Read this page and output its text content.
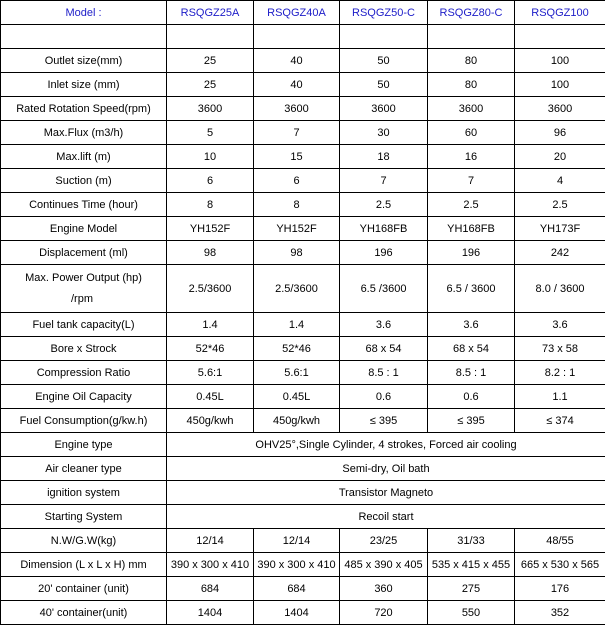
Model :	RSQGZ25A	RSQGZ40A	RSQGZ50-C	RSQGZ80-C	RSQGZ100

Outlet size(mm)	25	40	50	80	100
Inlet size (mm)	25	40	50	80	100
Rated Rotation Speed(rpm)	3600	3600	3600	3600	3600
Max.Flux (m3/h)	5	7	30	60	96
Max.lift (m)	10	15	18	16	20
Suction (m)	6	6	7	7	4
Continues Time (hour)	8	8	2.5	2.5	2.5
Engine Model	YH152F	YH152F	YH168FB	YH168FB	YH173F
Displacement (ml)	98	98	196	196	242

Max. Power Output (hp)
/rpm	2.5/3600	2.5/3600	6.5 /3600	6.5 / 3600	8.0 / 3600
Fuel tank capacity(L)	1.4	1.4	3.6	3.6	3.6
Bore x Strock	52*46	52*46	68 x 54	68 x 54	73 x 58
Compression Ratio	5.6:1	5.6:1	8.5 : 1	8.5 : 1	8.2 : 1
Engine Oil Capacity	0.45L	0.45L	0.6	0.6	1.1
Fuel Consumption(g/kw.h)	450g/kwh	450g/kwh	≤ 395	≤ 395	≤ 374
Engine type	OHV25°,Single Cylinder, 4 strokes, Forced air cooling				
Air cleaner type	Semi-dry, Oil bath				
ignition system	Transistor Magneto				
Starting System	Recoil start				
N.W/G.W(kg)	12/14	12/14	23/25	31/33	48/55
Dimension (L x L x H) mm	390 x 300 x 410	390 x 300 x 410	485 x 390 x 405	535 x 415 x 455	665 x 530 x 565
20' container (unit)	684	684	360	275	176
40' container(unit)	1404	1404	720	550	352
